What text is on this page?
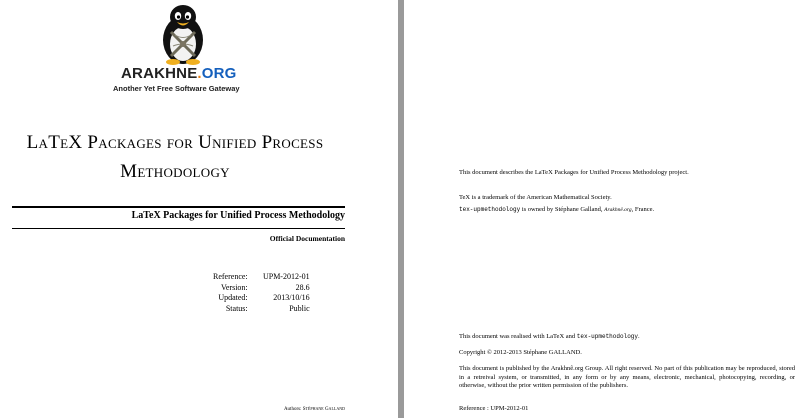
ARAKHNE.ORG
Another Yet Free Software Gateway
LaTeX Packages for Unified Process
Methodology
LaTeX Packages for Unified Process Methodology
Official Documentation
Reference:	UPM-2012-01
Version:	28.6
Updated:	2013/10/16
Status:	Public
Authors: Stéphane Galland
This document describes the LaTeX Packages for Unified Process Methodology project.
TeX is a trademark of the American Mathematical Society.
tex-upmethodology is owned by Stéphane Galland, Arakhnê.org, France.
This document was realised with LaTeX and tex-upmethodology.
Copyright © 2012-2013 Stéphane GALLAND.
This document is published by the Arakhnê.org Group. All right reserved. No part of this publication may be reproduced, stored in a retreival system, or transmitted, in any form or by any means, electronic, mechanical, photocopying, recording, or otherwise, without the prior written permission of the publishers.
Reference : UPM-2012-01
